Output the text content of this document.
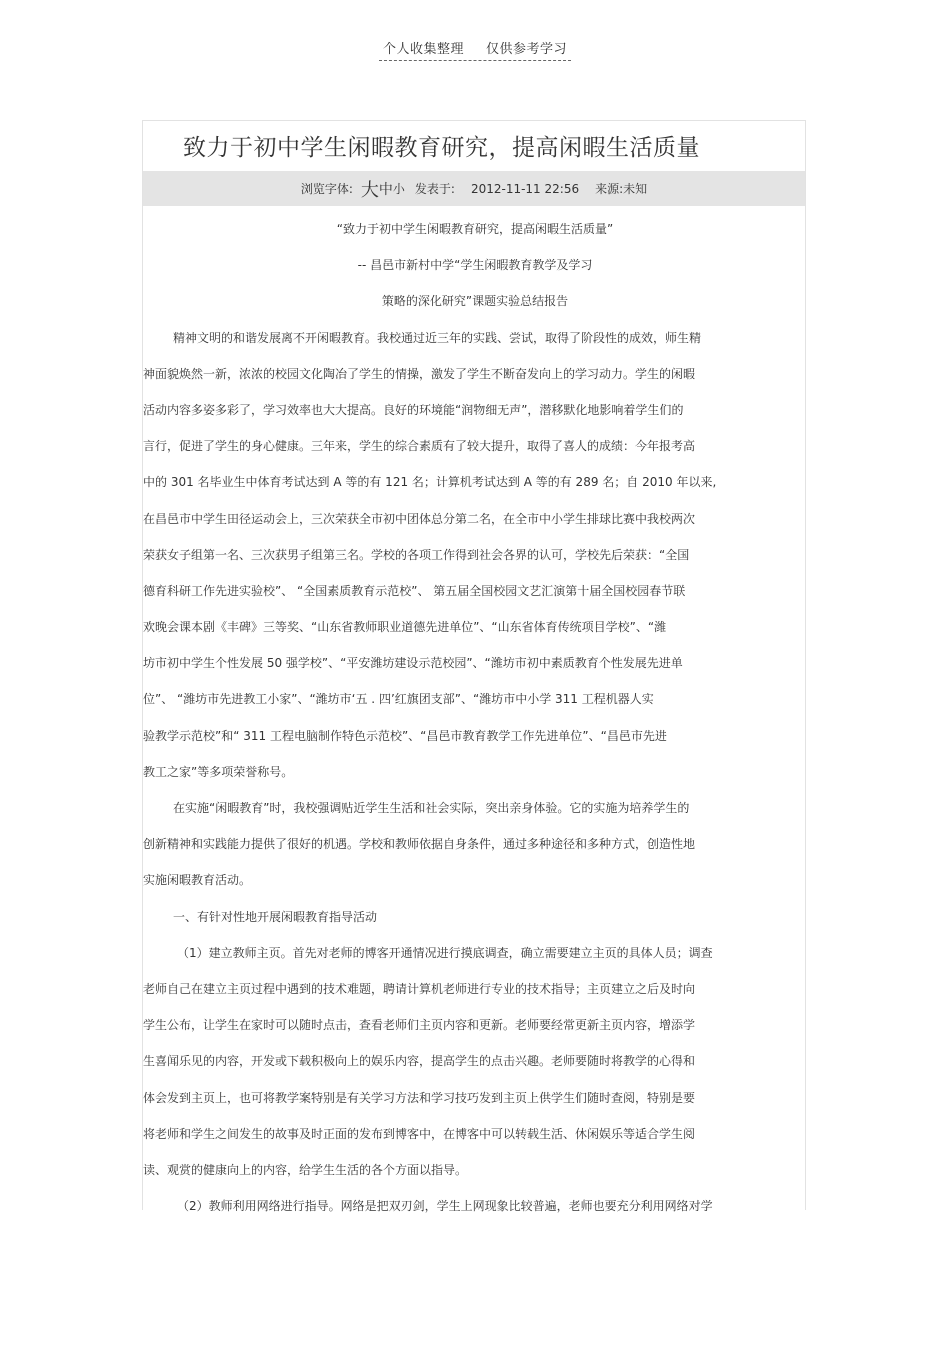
个人收集整理 仅供参考学习
致力于初中学生闲暇教育研究，提高闲暇生活质量
浏览字体: 大 中 小 发表于: 2012-11-11 22:56 来源: 未知
“致力于初中学生闲暇教育研究，提高闲暇生活质量”
-- 昌邑市新村中学“学生闲暇教育教学及学习
策略的深化研究”课题实验总结报告
精神文明的和谐发展离不开闲暇教育。我校通过近三年的实践、尝试，取得了阶段性的成效，师生精
神面貌焕然一新，浓浓的校园文化陶冶了学生的情操，激发了学生不断奋发向上的学习动力。学生的闲暇
活动内容多姿多彩了，学习效率也大大提高。良好的环境能“润物细无声”，潜移默化地影响着学生们的
言行，促进了学生的身心健康。三年来，学生的综合素质有了较大提升，取得了喜人的成绩：今年报考高
中的 301 名毕业生中体育考试达到 A 等的有 121 名；计算机考试达到 A 等的有 289 名；自 2010 年以来,
在昌邑市中学生田径运动会上，三次荣获全市初中团体总分第二名，在全市中小学生排球比赛中我校两次
荣获女子组第一名、三次获男子组第三名。学校的各项工作得到社会各界的认可，学校先后荣获：“全国
德育科研工作先进实验校”、 “全国素质教育示范校”、 第五届全国校园文艺汇演第十届全国校园春节联
欢晚会课本剧《丰碑》三等奖、“山东省教师职业道德先进单位”、“山东省体育传统项目学校”、“潍
坊市初中学生个性发展 50 强学校”、“平安潍坊建设示范校园”、“潍坊市初中素质教育个性发展先进单
位”、 “潍坊市先进教工小家”、“潍坊市‘五 . 四’红旗团支部”、“潍坊市中小学 311 工程机器人实
验教学示范校”和“ 311 工程电脑制作特色示范校”、“昌邑市教育教学工作先进单位”、“昌邑市先进
教工之家”等多项荣誉称号。
在实施“闲暇教育”时，我校强调贴近学生生活和社会实际，突出亲身体验。它的实施为培养学生的
创新精神和实践能力提供了很好的机遇。学校和教师依据自身条件，通过多种途径和多种方式，创造性地
实施闲暇教育活动。
一、有针对性地开展闲暇教育指导活动
（1）建立教师主页。首先对老师的博客开通情况进行摸底调查，确立需要建立主页的具体人员；调查
老师自己在建立主页过程中遇到的技术难题，聘请计算机老师进行专业的技术指导；主页建立之后及时向
学生公布，让学生在家时可以随时点击，查看老师们主页内容和更新。老师要经常更新主页内容，增添学
生喜闻乐见的内容，开发或下载积极向上的娱乐内容，提高学生的点击兴趣。老师要随时将教学的心得和
体会发到主页上，也可将教学案特别是有关学习方法和学习技巧发到主页上供学生们随时查阅，特别是要
将老师和学生之间发生的故事及时正面的发布到博客中，在博客中可以转载生活、休闲娱乐等适合学生阅
读、观赏的健康向上的内容，给学生生活的各个方面以指导。
（2）教师利用网络进行指导。网络是把双刃剑，学生上网现象比较普遍，老师也要充分利用网络对学
